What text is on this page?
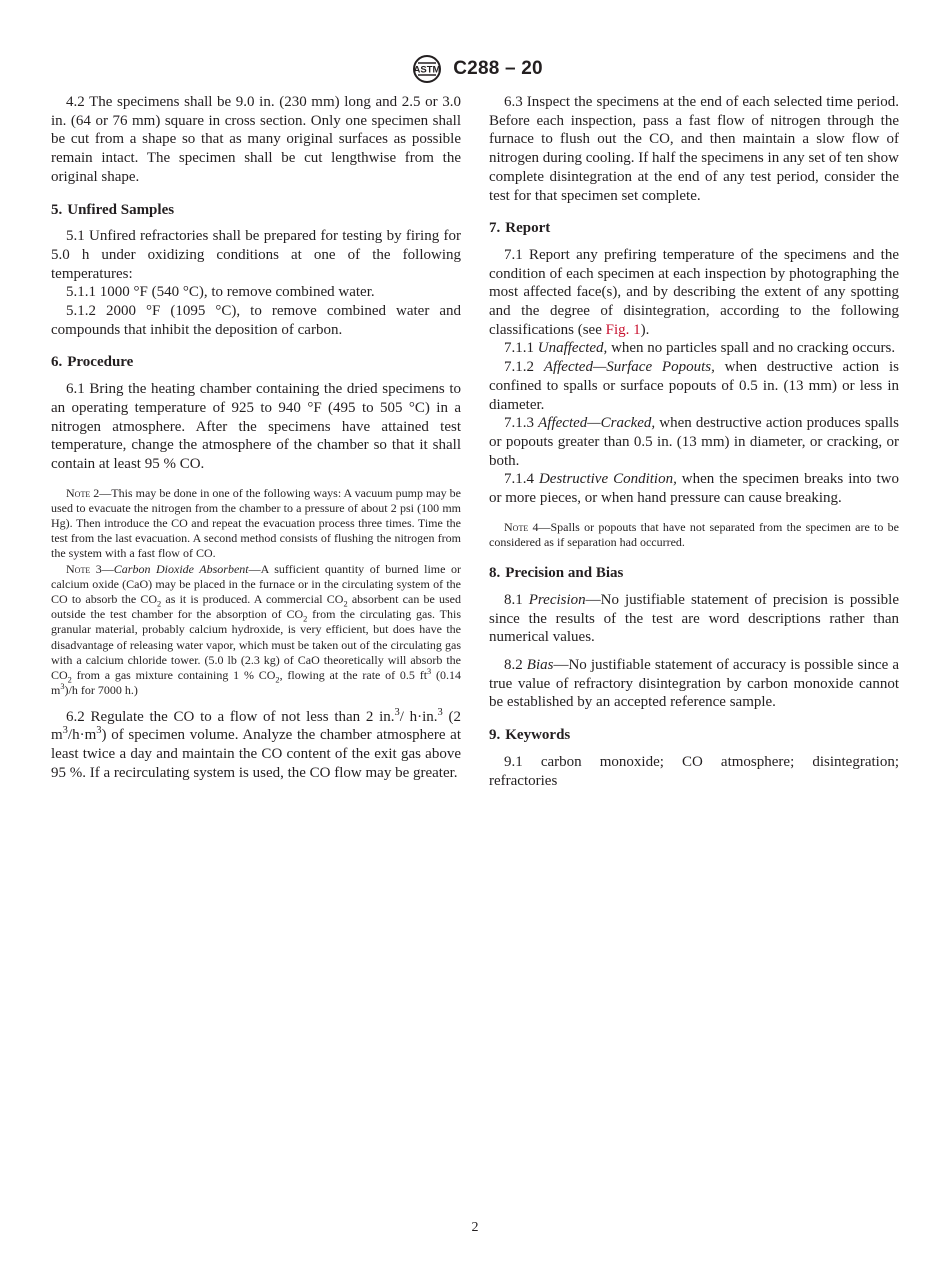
ASTM C288 – 20

4.2 The specimens shall be 9.0 in. (230 mm) long and 2.5 or 3.0 in. (64 or 76 mm) square in cross section. Only one specimen shall be cut from a shape so that as many original surfaces as possible remain intact. The specimen shall be cut lengthwise from the original shape.

5. Unfired Samples

5.1 Unfired refractories shall be prepared for testing by firing for 5.0 h under oxidizing conditions at one of the following temperatures:

5.1.1 1000 °F (540 °C), to remove combined water.

5.1.2 2000 °F (1095 °C), to remove combined water and compounds that inhibit the deposition of carbon.

6. Procedure

6.1 Bring the heating chamber containing the dried specimens to an operating temperature of 925 to 940 °F (495 to 505 °C) in a nitrogen atmosphere. After the specimens have attained test temperature, change the atmosphere of the chamber so that it shall contain at least 95 % CO.

Note 2—This may be done in one of the following ways: A vacuum pump may be used to evacuate the nitrogen from the chamber to a pressure of about 2 psi (100 mm Hg). Then introduce the CO and repeat the evacuation process three times. Time the test from the last evacuation. A second method consists of flushing the nitrogen from the system with a fast flow of CO.

Note 3—Carbon Dioxide Absorbent—A sufficient quantity of burned lime or calcium oxide (CaO) may be placed in the furnace or in the circulating system of the CO to absorb the $CO_2$ as it is produced. A commercial $CO_2$ absorbent can be used outside the test chamber for the absorption of $CO_2$ from the circulating gas. This granular material, probably calcium hydroxide, is very efficient, but does have the disadvantage of releasing water vapor, which must be taken out of the circulating gas with a calcium chloride tower. (5.0 lb (2.3 kg) of CaO theoretically will absorb the $CO_2$ from a gas mixture containing 1 % $CO_2$, flowing at the rate of 0.5 $ft^3$ (0.14 $m^3)/h$ for 7000 h.)

6.2 Regulate the CO to a flow of not less than 2 in.$^3$/ h·in.$^3$ (2 $m^3/h\cdot m^3$) of specimen volume. Analyze the chamber atmosphere at least twice a day and maintain the CO content of the exit gas above 95 %. If a recirculating system is used, the CO flow may be greater.

6.3 Inspect the specimens at the end of each selected time period. Before each inspection, pass a fast flow of nitrogen through the furnace to flush out the CO, and then maintain a slow flow of nitrogen during cooling. If half the specimens in any set of ten show complete disintegration at the end of any test period, consider the test for that specimen set complete.

7. Report

7.1 Report any prefiring temperature of the specimens and the condition of each specimen at each inspection by photographing the most affected face(s), and by describing the extent of any spotting and the degree of disintegration, according to the following classifications (see Fig. 1).

7.1.1 Unaffected, when no particles spall and no cracking occurs.

7.1.2 Affected—Surface Popouts, when destructive action is confined to spalls or surface popouts of 0.5 in. (13 mm) or less in diameter.

7.1.3 Affected—Cracked, when destructive action produces spalls or popouts greater than 0.5 in. (13 mm) in diameter, or cracking, or both.

7.1.4 Destructive Condition, when the specimen breaks into two or more pieces, or when hand pressure can cause breaking.

Note 4—Spalls or popouts that have not separated from the specimen are to be considered as if separation had occurred.

8. Precision and Bias

8.1 Precision—No justifiable statement of precision is possible since the results of the test are word descriptions rather than numerical values.

8.2 Bias—No justifiable statement of accuracy is possible since a true value of refractory disintegration by carbon monoxide cannot be established by an accepted reference sample.

9. Keywords

9.1 carbon monoxide; CO atmosphere; disintegration; refractories

2
